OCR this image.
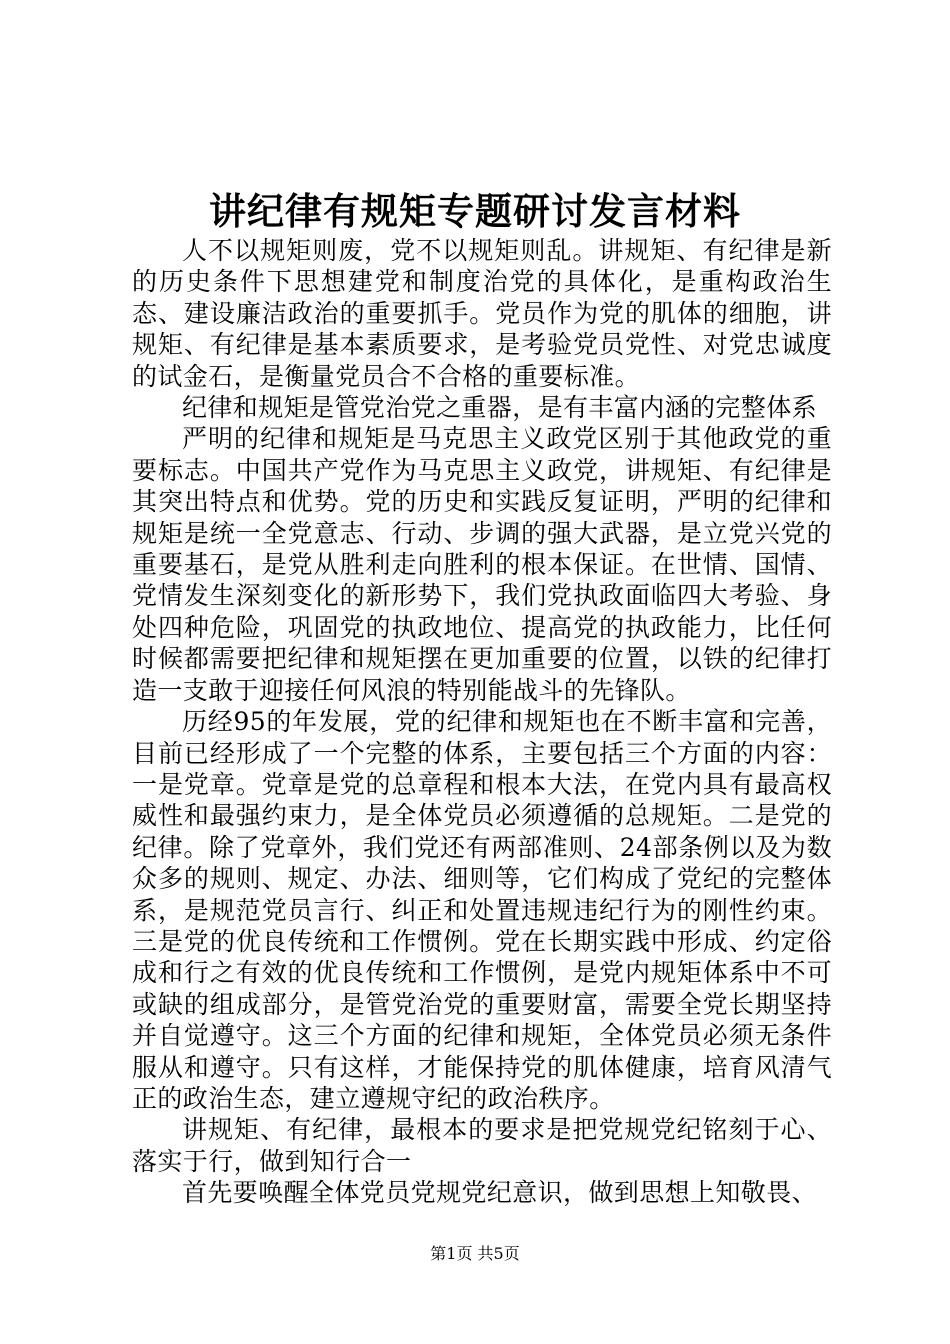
讲纪律有规矩专题研讨发言材料

人不以规矩则废，党不以规矩则乱。讲规矩、有纪律是新的历史条件下思想建党和制度治党的具体化，是重构政治生态、建设廉洁政治的重要抓手。党员作为党的肌体的细胞，讲规矩、有纪律是基本素质要求，是考验党员党性、对党忠诚度的试金石，是衡量党员合不合格的重要标准。

纪律和规矩是管党治党之重器，是有丰富内涵的完整体系

严明的纪律和规矩是马克思主义政党区别于其他政党的重要标志。中国共产党作为马克思主义政党，讲规矩、有纪律是其突出特点和优势。党的历史和实践反复证明，严明的纪律和规矩是统一全党意志、行动、步调的强大武器，是立党兴党的重要基石，是党从胜利走向胜利的根本保证。在世情、国情、党情发生深刻变化的新形势下，我们党执政面临四大考验、身处四种危险，巩固党的执政地位、提高党的执政能力，比任何时候都需要把纪律和规矩摆在更加重要的位置，以铁的纪律打造一支敢于迎接任何风浪的特别能战斗的先锋队。

历经95的年发展，党的纪律和规矩也在不断丰富和完善，目前已经形成了一个完整的体系，主要包括三个方面的内容：一是党章。党章是党的总章程和根本大法，在党内具有最高权威性和最强约束力，是全体党员必须遵循的总规矩。二是党的纪律。除了党章外，我们党还有两部准则、24部条例以及为数众多的规则、规定、办法、细则等，它们构成了党纪的完整体系，是规范党员言行、纠正和处置违规违纪行为的刚性约束。三是党的优良传统和工作惯例。党在长期实践中形成、约定俗成和行之有效的优良传统和工作惯例，是党内规矩体系中不可或缺的组成部分，是管党治党的重要财富，需要全党长期坚持并自觉遵守。这三个方面的纪律和规矩，全体党员必须无条件服从和遵守。只有这样，才能保持党的肌体健康，培育风清气正的政治生态，建立遵规守纪的政治秩序。

讲规矩、有纪律，最根本的要求是把党规党纪铭刻于心、落实于行，做到知行合一

首先要唤醒全体党员党规党纪意识，做到思想上知敬畏、

第1页 共5页
